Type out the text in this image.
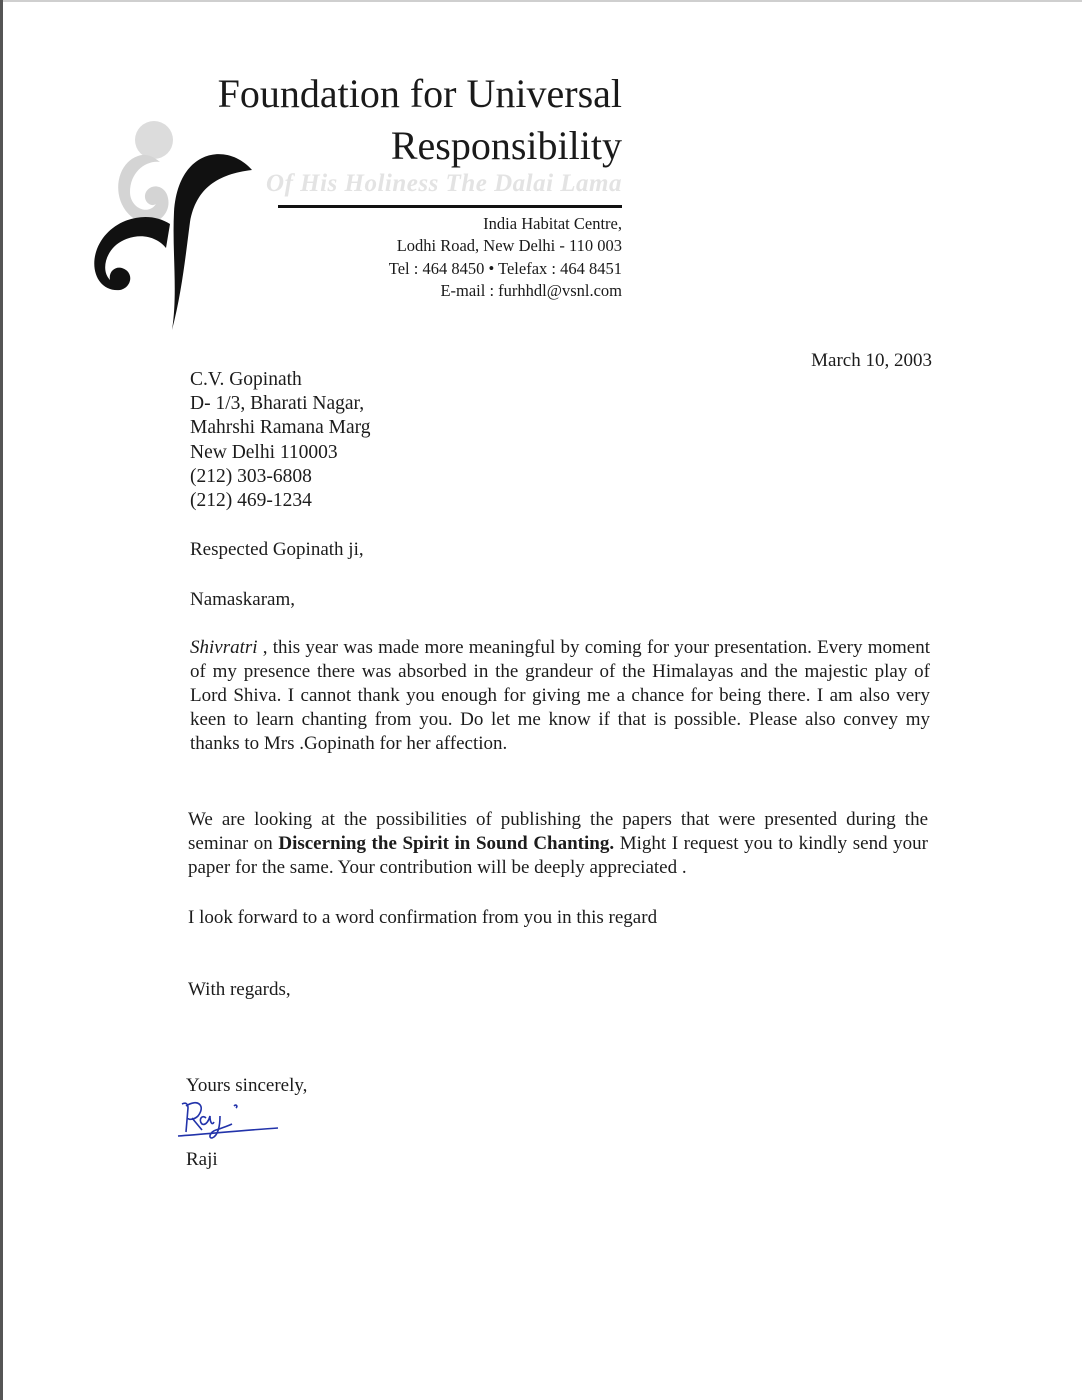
Foundation for Universal
Responsibility
Of His Holiness The Dalai Lama
India Habitat Centre,
Lodhi Road, New Delhi - 110 003
Tel : 464 8450 • Telefax : 464 8451
E-mail : furhhdl@vsnl.com
March 10, 2003
C.V. Gopinath
D- 1/3, Bharati Nagar,
Mahrshi Ramana Marg
New Delhi 110003
(212) 303-6808
(212) 469-1234

Respected Gopinath ji,

Namaskaram,

Shivratri , this year was made more meaningful by coming for your presentation. Every moment of my presence there was absorbed in the grandeur of the Himalayas and the majestic play of Lord Shiva. I cannot thank you enough for giving me a chance for being there. I am also very keen to learn chanting from you. Do let me know if that is possible. Please also convey my thanks to Mrs .Gopinath for her affection.

We are looking at the possibilities of publishing the papers that were presented during the seminar on Discerning the Spirit in Sound Chanting. Might I request you to kindly send your paper for the same. Your contribution will be deeply appreciated .

I look forward to a word confirmation from you in this regard

With regards,

Yours sincerely,

Raji
